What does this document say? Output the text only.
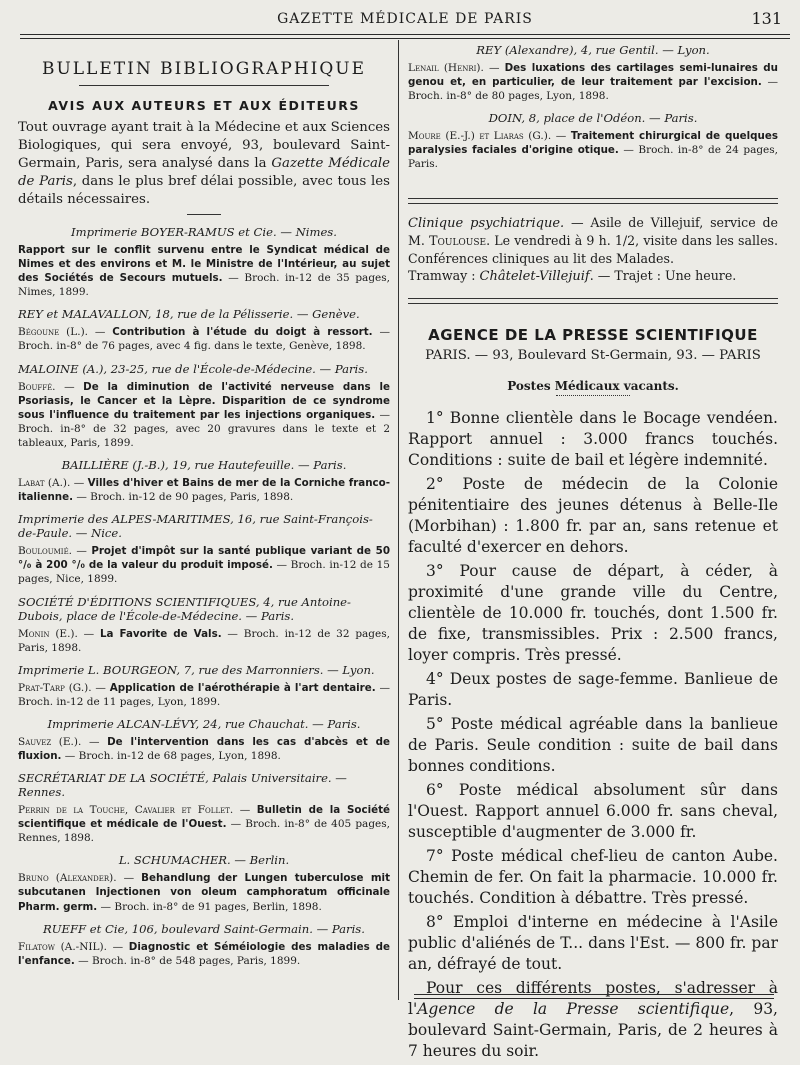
GAZETTE MÉDICALE DE PARIS	131
BULLETIN BIBLIOGRAPHIQUE
AVIS AUX AUTEURS ET AUX ÉDITEURS

Tout ouvrage ayant trait à la Médecine et aux Sciences Biologiques, qui sera envoyé, 93, boulevard Saint-Germain, Paris, sera analysé dans la Gazette Médicale de Paris, dans le plus bref délai possible, avec tous les détails nécessaires.

Imprimerie BOYER-RAMUS et Cie. — Nimes.

Rapport sur le conflit survenu entre le Syndicat médical de Nimes et des environs et M. le Ministre de l'Intérieur, au sujet des Sociétés de Secours mutuels. — Broch. in-12 de 35 pages, Nimes, 1899.

REY et MALAVALLON, 18, rue de la Pélisserie. — Genève.

Bégoune (L.). — Contribution à l'étude du doigt à ressort. — Broch. in-8° de 76 pages, avec 4 fig. dans le texte, Genève, 1898.

MALOINE (A.), 23-25, rue de l'École-de-Médecine. — Paris.

Bouffé. — De la diminution de l'activité nerveuse dans le Psoriasis, le Cancer et la Lèpre. Disparition de ce syndrome sous l'influence du traitement par les injections organiques. — Broch. in-8° de 32 pages, avec 20 gravures dans le texte et 2 tableaux, Paris, 1899.

BAILLIÈRE (J.-B.), 19, rue Hautefeuille. — Paris.

Labat (A.). — Villes d'hiver et Bains de mer de la Corniche franco-italienne. — Broch. in-12 de 90 pages, Paris, 1898.

Imprimerie des ALPES-MARITIMES, 16, rue Saint-François-de-Paule. — Nice.

Bouloumié. — Projet d'impôt sur la santé publique variant de 50 °/₀ à 200 °/₀ de la valeur du produit imposé. — Broch. in-12 de 15 pages, Nice, 1899.

SOCIÉTÉ D'ÉDITIONS SCIENTIFIQUES, 4, rue Antoine-Dubois, place de l'École-de-Médecine. — Paris.

Monin (E.). — La Favorite de Vals. — Broch. in-12 de 32 pages, Paris, 1898.

Imprimerie L. BOURGEON, 7, rue des Marronniers. — Lyon.

Prat-Tarp (G.). — Application de l'aérothérapie à l'art dentaire. — Broch. in-12 de 11 pages, Lyon, 1899.

Imprimerie ALCAN-LÉVY, 24, rue Chauchat. — Paris.

Sauvez (E.). — De l'intervention dans les cas d'abcès et de fluxion. — Broch. in-12 de 68 pages, Lyon, 1898.

SECRÉTARIAT DE LA SOCIÉTÉ, Palais Universitaire. — Rennes.

Perrin de la Touche, Cavalier et Follet. — Bulletin de la Société scientifique et médicale de l'Ouest. — Broch. in-8° de 405 pages, Rennes, 1898.

L. SCHUMACHER. — Berlin.

Bruno (Alexander). — Behandlung der Lungen tuberculose mit subcutanen Injectionen von oleum camphoratum officinale Pharm. germ. — Broch. in-8° de 91 pages, Berlin, 1898.

RUEFF et Cie, 106, boulevard Saint-Germain. — Paris.

Filatow (A.-NIL). — Diagnostic et Séméiologie des maladies de l'enfance. — Broch. in-8° de 548 pages, Paris, 1899.

REY (Alexandre), 4, rue Gentil. — Lyon.

Lenail (Henri). — Des luxations des cartilages semi-lunaires du genou et, en particulier, de leur traitement par l'excision. — Broch. in-8° de 80 pages, Lyon, 1898.

DOIN, 8, place de l'Odéon. — Paris.

Moure (E.-J.) et Liaras (G.). — Traitement chirurgical de quelques paralysies faciales d'origine otique. — Broch. in-8° de 24 pages, Paris.

Clinique psychiatrique. — Asile de Villejuif, service de M. Toulouse. Le vendredi à 9 h. 1/2, visite dans les salles. Conférences cliniques au lit des Malades.
Tramway : Châtelet-Villejuif. — Trajet : Une heure.

AGENCE DE LA PRESSE SCIENTIFIQUE
PARIS. — 93, Boulevard St-Germain, 93. — PARIS
Postes Médicaux vacants.

1° Bonne clientèle dans le Bocage vendéen. Rapport annuel : 3.000 francs touchés. Conditions : suite de bail et légère indemnité.

2° Poste de médecin de la Colonie pénitentiaire des jeunes détenus à Belle-Ile (Morbihan) : 1.800 fr. par an, sans retenue et faculté d'exercer en dehors.

3° Pour cause de départ, à céder, à proximité d'une grande ville du Centre, clientèle de 10.000 fr. touchés, dont 1.500 fr. de fixe, transmissibles. Prix : 2.500 francs, loyer compris. Très pressé.

4° Deux postes de sage-femme. Banlieue de Paris.

5° Poste médical agréable dans la banlieue de Paris. Seule condition : suite de bail dans bonnes conditions.

6° Poste médical absolument sûr dans l'Ouest. Rapport annuel 6.000 fr. sans cheval, susceptible d'augmenter de 3.000 fr.

7° Poste médical chef-lieu de canton Aube. Chemin de fer. On fait la pharmacie. 10.000 fr. touchés. Condition à débattre. Très pressé.

8° Emploi d'interne en médecine à l'Asile public d'aliénés de T... dans l'Est. — 800 fr. par an, défrayé de tout.

Pour ces différents postes, s'adresser à l'Agence de la Presse scientifique, 93, boulevard Saint-Germain, Paris, de 2 heures à 7 heures du soir.
